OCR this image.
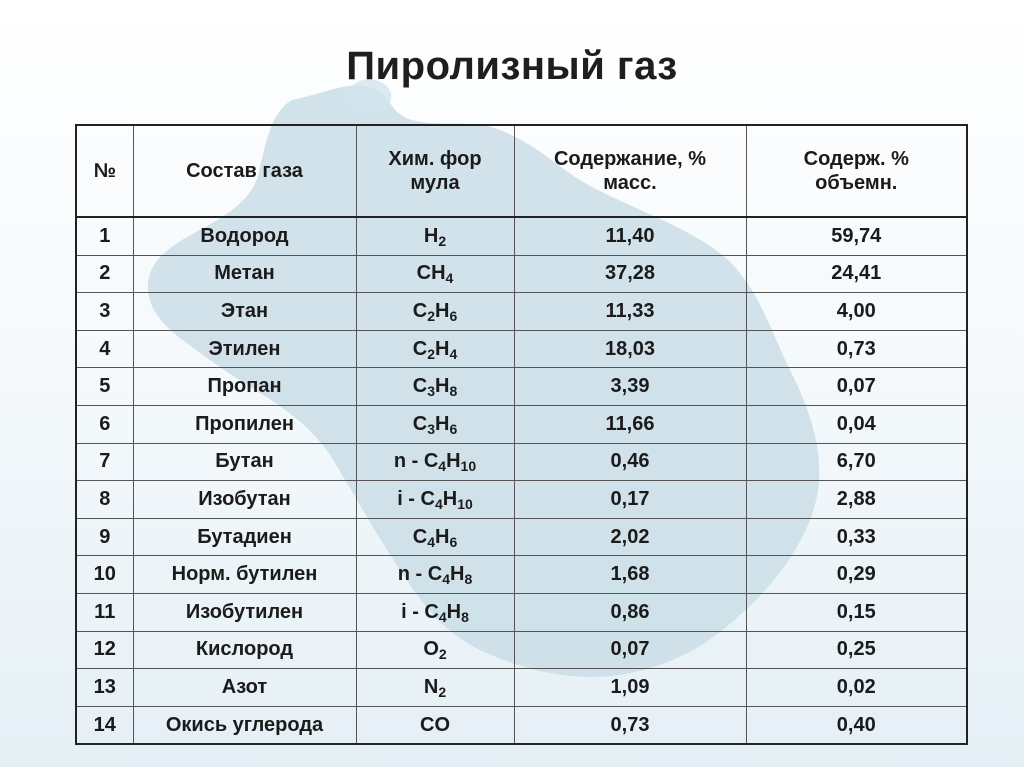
Пиролизный газ
№	Состав газа	Хим. формула	Содержание, % масс.	Содерж. % объемн.
1	Водород	$H_2$	11,40	59,74
2	Метан	$CH_4$	37,28	24,41
3	Этан	$C_2H_6$	11,33	4,00
4	Этилен	$C_2H_4$	18,03	0,73
5	Пропан	$C_3H_8$	3,39	0,07
6	Пропилен	$C_3H_6$	11,66	0,04
7	Бутан	n - $C_4H_{10}$	0,46	6,70
8	Изобутан	i - $C_4H_{10}$	0,17	2,88
9	Бутадиен	$C_4H_6$	2,02	0,33
10	Норм. бутилен	n - $C_4H_8$	1,68	0,29
11	Изобутилен	i - $C_4H_8$	0,86	0,15
12	Кислород	$O_2$	0,07	0,25
13	Азот	$N_2$	1,09	0,02
14	Окись углерода	CO	0,73	0,40
